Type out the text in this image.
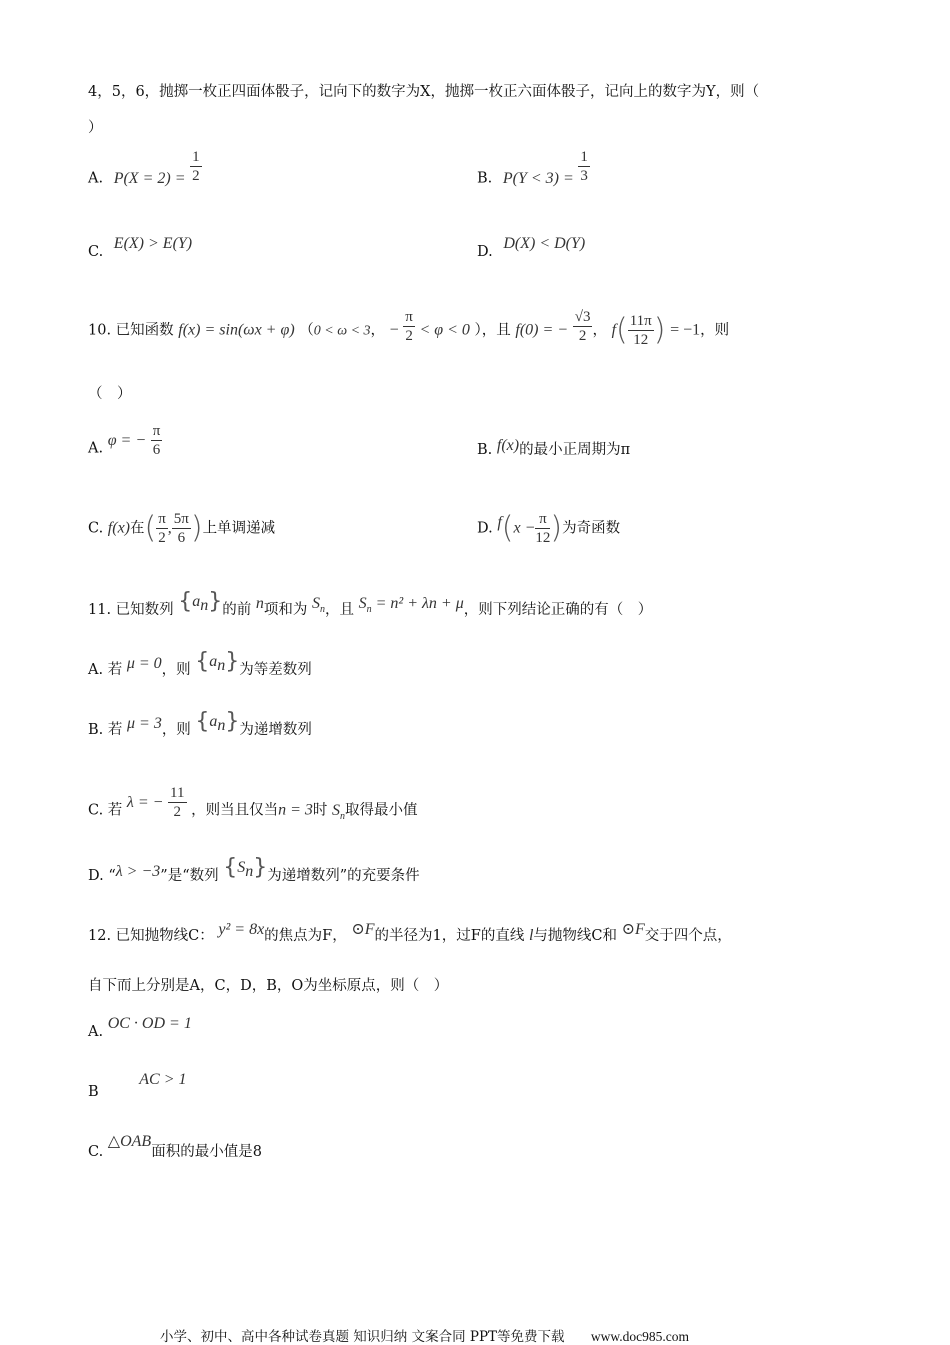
4，5，6，抛掷一枚正四面体骰子，记向下的数字为X，抛掷一枚正六面体骰子，记向上的数字为Y，则（
）
A. $P(X = 2) = \frac{1}{2}$	B. $P(Y < 3) = \frac{1}{3}$
C. E(X) > E(Y)	D. D(X) < D(Y)
10. 已知函数 f(x) = sin(ωx + φ) （0 < ω < 3， − $\frac{\pi}{2} < \varphi < 0$ ），且 f(0) = − $\frac{√3}{2}$ ， $f( \frac{11\pi}{12}$ ) = −1，则
（　）
A. φ = − $\frac{\pi}{6}$	B. f(x)的最小正周期为π
C. f(x)在( $\frac{\pi}{2}$ , $\frac{5\pi}{6}$ )上单调递减	D. $f(x - \frac{\pi}{12}$ )为奇函数
11. 已知数列 $\{a_n\}$的前 n项和为 $S_n$，且 $S_n = n^2 + \lambda n + \mu$，则下列结论正确的有（　）
A. 若 μ = 0，则 $\{a_n\}$为等差数列
B. 若 μ = 3，则 $\{a_n\}$为递增数列
C. 若 λ = − $\frac{11}{2}$ ，则当且仅当n = 3时 $S_n$取得最小值
D. “λ > −3”是“数列 $\{S_n\}$为递增数列”的充要条件
12. 已知抛物线C： y² = 8x的焦点为F， ⊙F的半径为1，过F的直线 l与抛物线C和 ⊙F交于四个点，
自下而上分别是A，C，D，B，O为坐标原点，则（　）
A. OC · OD = 1
B AC > 1
C. △OAB面积的最小值是8
小学、初中、高中各种试卷真题 知识归纳 文案合同 PPT等免费下载 www.doc985.com
